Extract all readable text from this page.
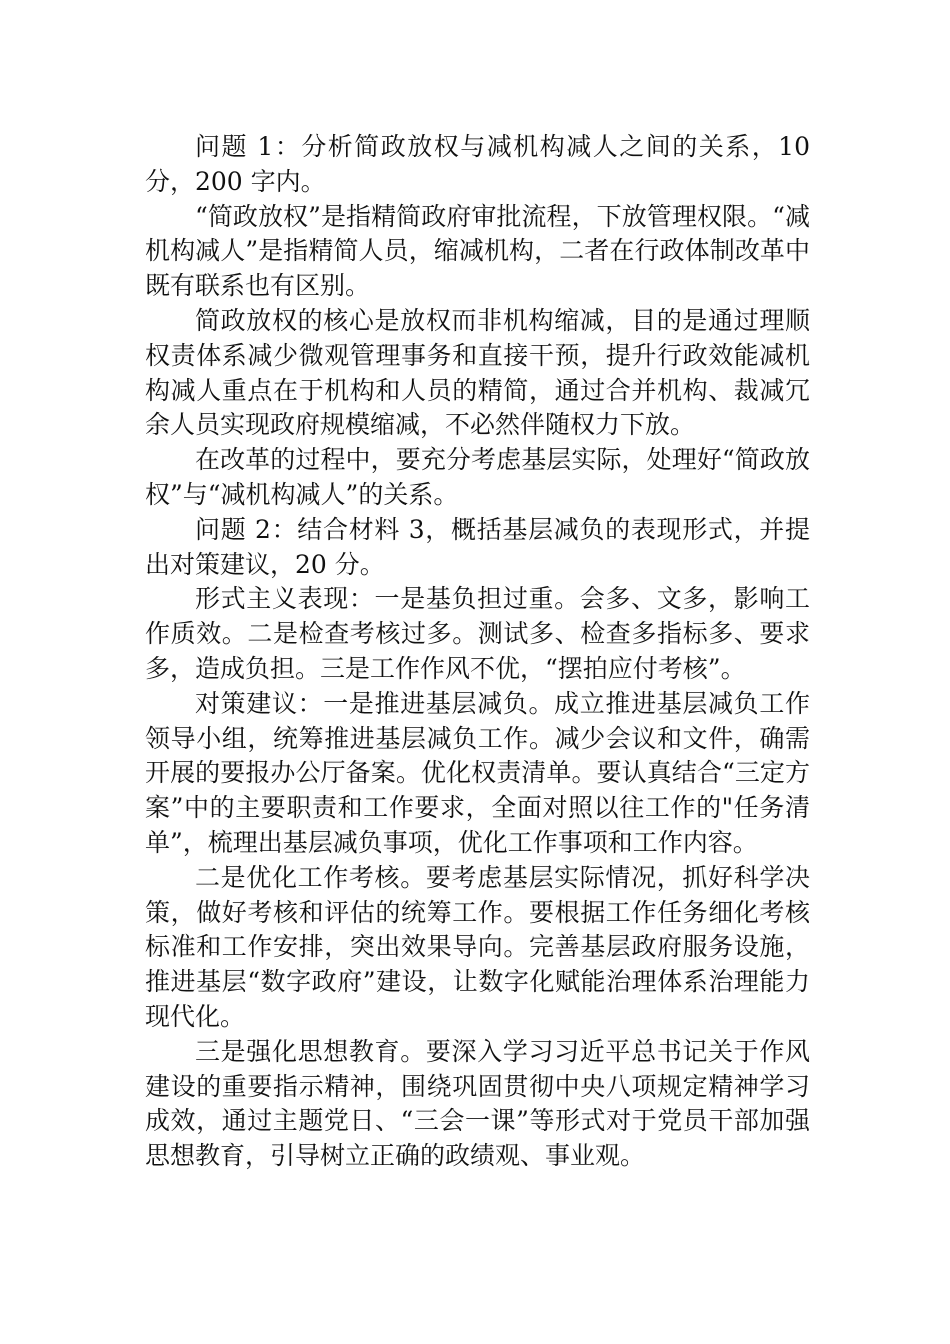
问题 1：分析简政放权与减机构减人之间的关系，10 分，200 字内。

“简政放权”是指精简政府审批流程，下放管理权限。“减机构减人”是指精简人员，缩减机构，二者在行政体制改革中既有联系也有区别。

简政放权的核心是放权而非机构缩减，目的是通过理顺权责体系减少微观管理事务和直接干预，提升行政效能减机构减人重点在于机构和人员的精简，通过合并机构、裁减冗余人员实现政府规模缩减，不必然伴随权力下放。

在改革的过程中，要充分考虑基层实际，处理好“简政放权”与“减机构减人”的关系。

问题 2：结合材料 3，概括基层减负的表现形式，并提出对策建议，20 分。

形式主义表现：一是基负担过重。会多、文多，影响工作质效。二是检查考核过多。测试多、检查多指标多、要求多，造成负担。三是工作作风不优，“摆拍应付考核”。

对策建议：一是推进基层减负。成立推进基层减负工作领导小组，统筹推进基层减负工作。减少会议和文件，确需开展的要报办公厅备案。优化权责清单。要认真结合“三定方案”中的主要职责和工作要求，全面对照以往工作的"任务清单”，梳理出基层减负事项，优化工作事项和工作内容。

二是优化工作考核。要考虑基层实际情况，抓好科学决策，做好考核和评估的统筹工作。要根据工作任务细化考核标准和工作安排，突出效果导向。完善基层政府服务设施，推进基层“数字政府”建设，让数字化赋能治理体系治理能力现代化。

三是强化思想教育。要深入学习习近平总书记关于作风建设的重要指示精神，围绕巩固贯彻中央八项规定精神学习成效，通过主题党日、“三会一课”等形式对于党员干部加强思想教育，引导树立正确的政绩观、事业观。
